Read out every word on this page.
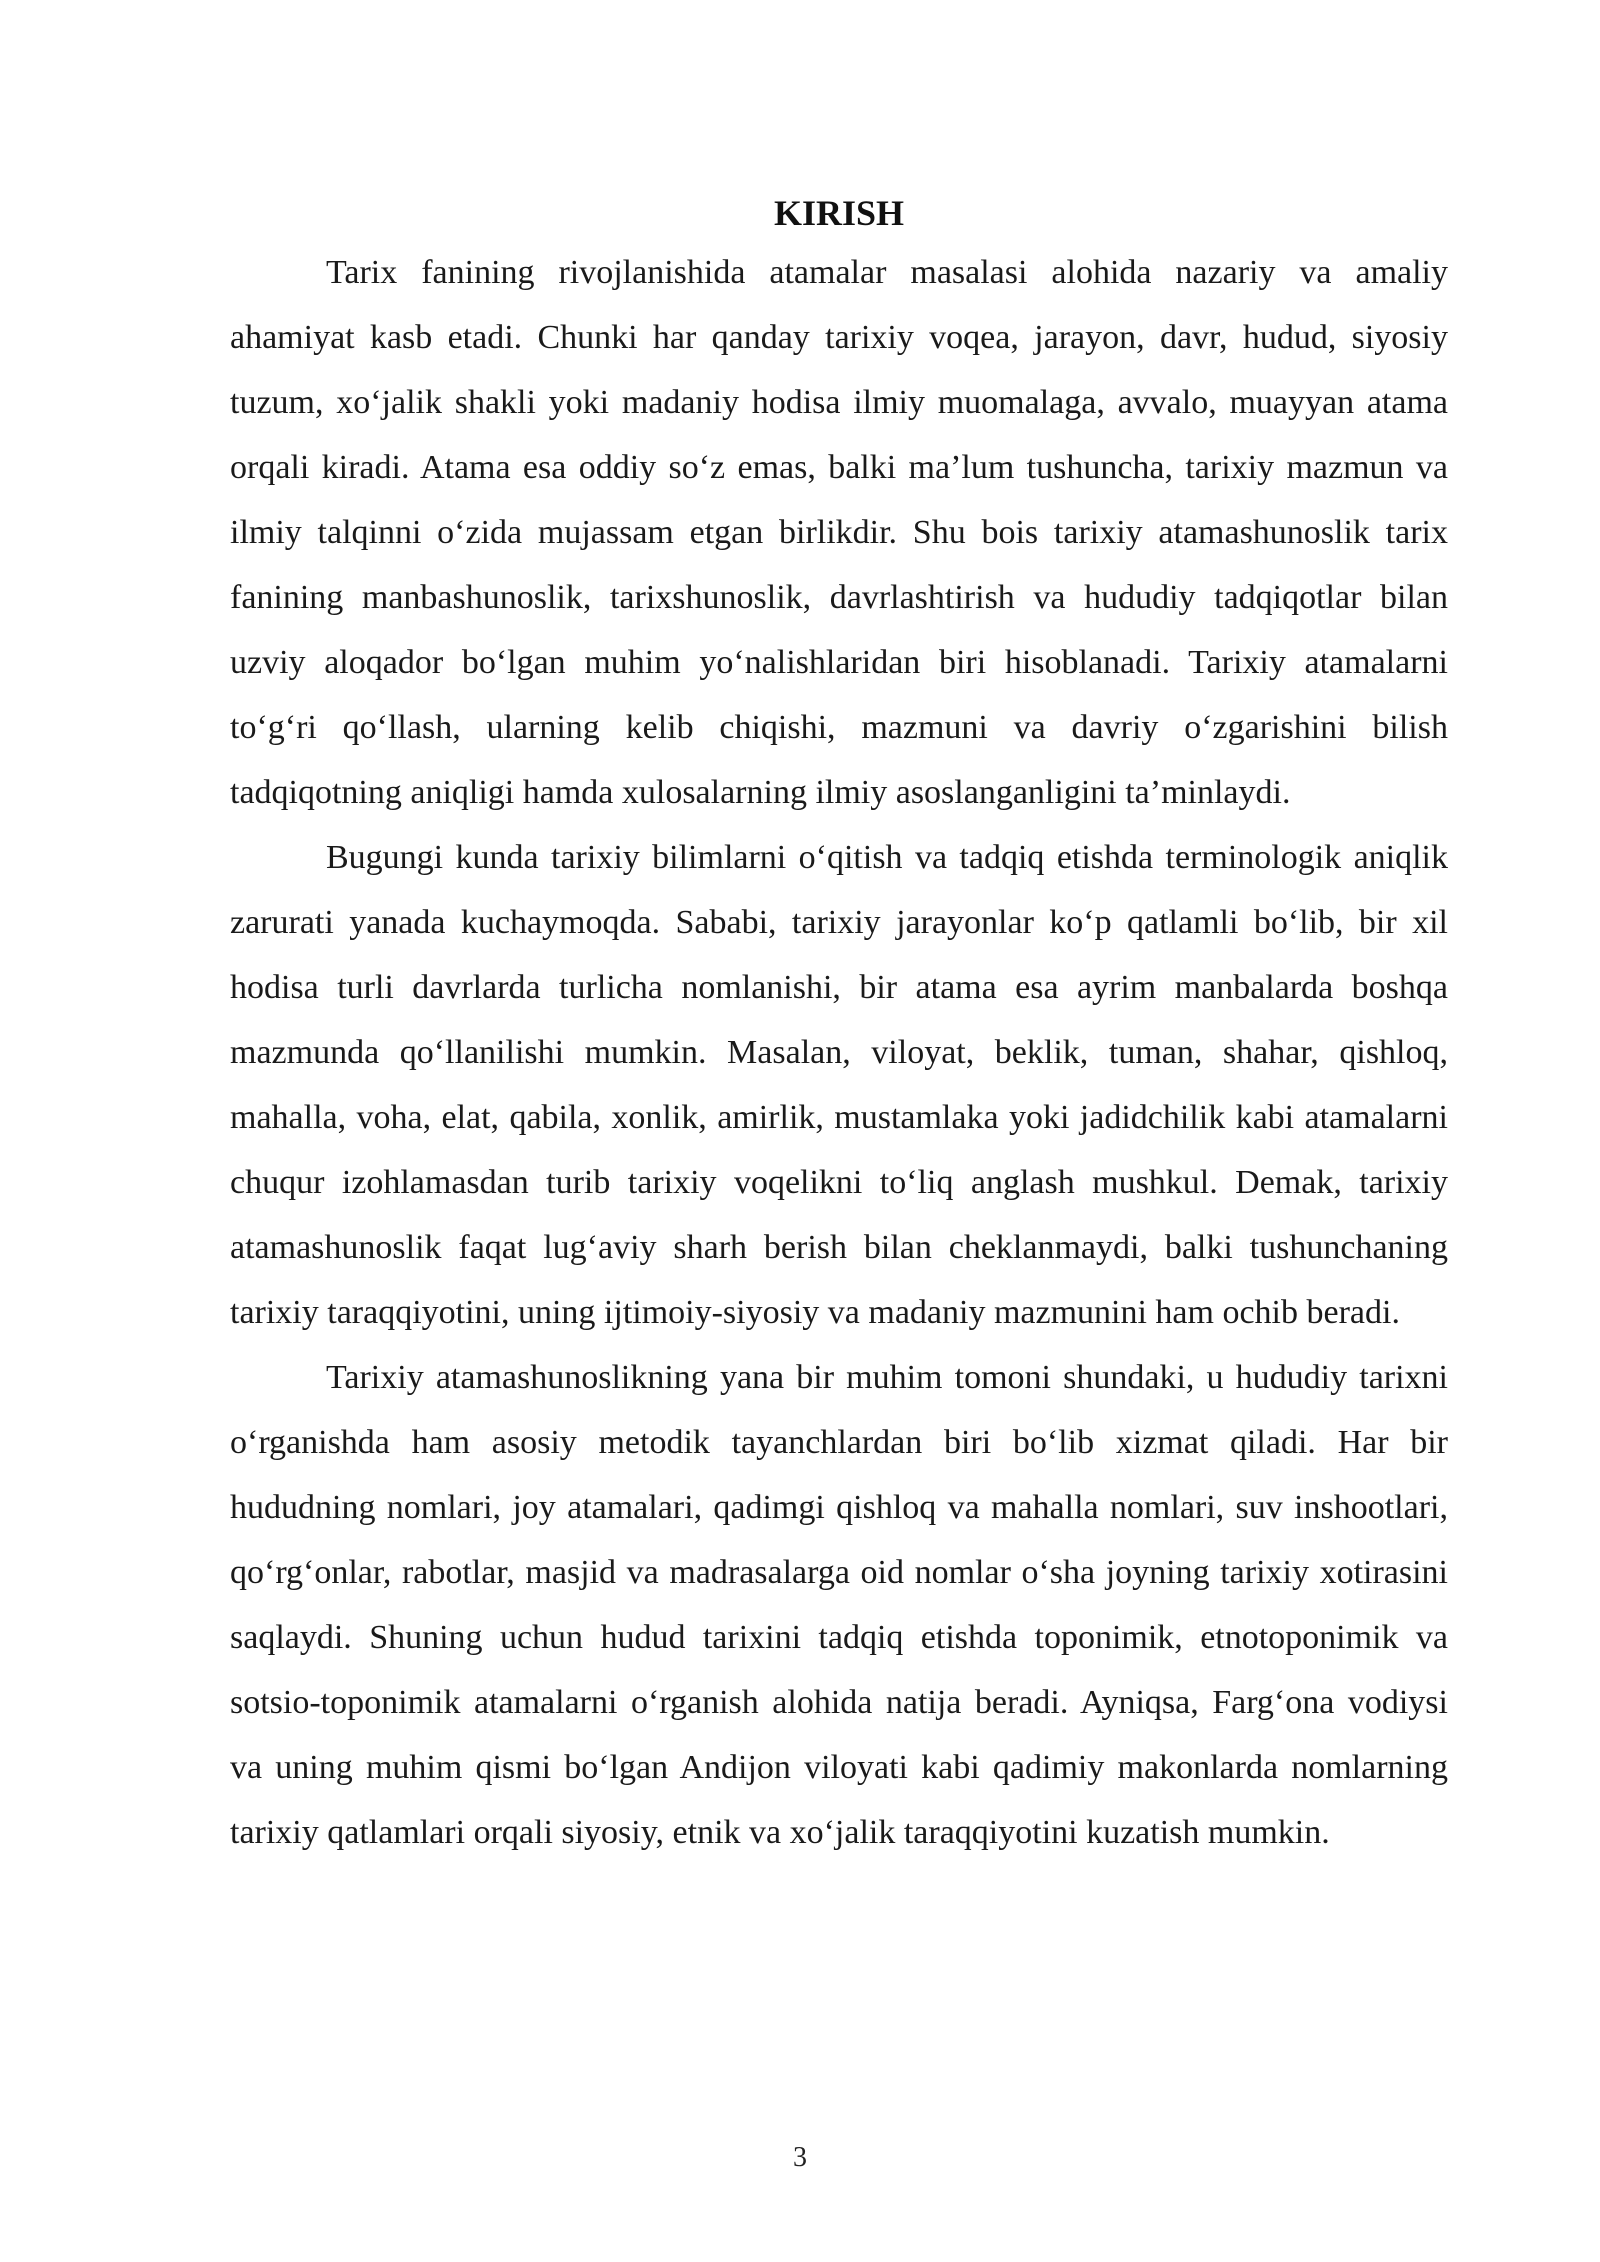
KIRISH

Tarix fanining rivojlanishida atamalar masalasi alohida nazariy va amaliy ahamiyat kasb etadi. Chunki har qanday tarixiy voqea, jarayon, davr, hudud, siyosiy tuzum, xo‘jalik shakli yoki madaniy hodisa ilmiy muomalaga, avvalo, muayyan atama orqali kiradi. Atama esa oddiy so‘z emas, balki ma’lum tushuncha, tarixiy mazmun va ilmiy talqinni o‘zida mujassam etgan birlikdir. Shu bois tarixiy atamashunoslik tarix fanining manbashunoslik, tarixshunoslik, davrlashtirish va hududiy tadqiqotlar bilan uzviy aloqador bo‘lgan muhim yo‘nalishlaridan biri hisoblanadi. Tarixiy atamalarni to‘g‘ri qo‘llash, ularning kelib chiqishi, mazmuni va davriy o‘zgarishini bilish tadqiqotning aniqligi hamda xulosalarning ilmiy asoslanganligini ta’minlaydi.

Bugungi kunda tarixiy bilimlarni o‘qitish va tadqiq etishda terminologik aniqlik zarurati yanada kuchaymoqda. Sababi, tarixiy jarayonlar ko‘p qatlamli bo‘lib, bir xil hodisa turli davrlarda turlicha nomlanishi, bir atama esa ayrim manbalarda boshqa mazmunda qo‘llanilishi mumkin. Masalan, viloyat, beklik, tuman, shahar, qishloq, mahalla, voha, elat, qabila, xonlik, amirlik, mustamlaka yoki jadidchilik kabi atamalarni chuqur izohlamasdan turib tarixiy voqelikni to‘liq anglash mushkul. Demak, tarixiy atamashunoslik faqat lug‘aviy sharh berish bilan cheklanmaydi, balki tushunchaning tarixiy taraqqiyotini, uning ijtimoiy-siyosiy va madaniy mazmunini ham ochib beradi.

Tarixiy atamashunoslikning yana bir muhim tomoni shundaki, u hududiy tarixni o‘rganishda ham asosiy metodik tayanchlardan biri bo‘lib xizmat qiladi. Har bir hududning nomlari, joy atamalari, qadimgi qishloq va mahalla nomlari, suv inshootlari, qo‘rg‘onlar, rabotlar, masjid va madrasalarga oid nomlar o‘sha joyning tarixiy xotirasini saqlaydi. Shuning uchun hudud tarixini tadqiq etishda toponimik, etnotoponimik va sotsio-toponimik atamalarni o‘rganish alohida natija beradi. Ayniqsa, Farg‘ona vodiysi va uning muhim qismi bo‘lgan Andijon viloyati kabi qadimiy makonlarda nomlarning tarixiy qatlamlari orqali siyosiy, etnik va xo‘jalik taraqqiyotini kuzatish mumkin.

3
